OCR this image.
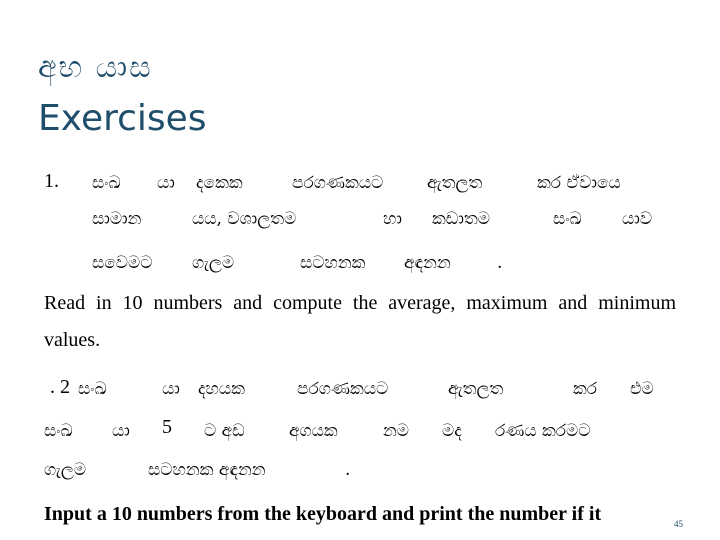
අභ යාස
Exercises
1. සංඛ යා දකෙක	පරගණකයට	ඇතලත	කර ඒවායෙ
සාමාන	යය, වශාලතම	හා කඩාතම	සංඛ යාව
සවෙමට ගැලම	සටහනක අඳනන	.
Read in 10 numbers and compute the average, maximum and minimum values.
. 2 සංඛ	යා දහයක	පරගණකයට	ඇතලත	කර එම
සංඛ යා 5 ට අඩ	අගයක	නම මද රණය කරමට
ගැලම	සටහනක අඳනන	.
Input a 10 numbers from the keyboard and print the number if it	45
